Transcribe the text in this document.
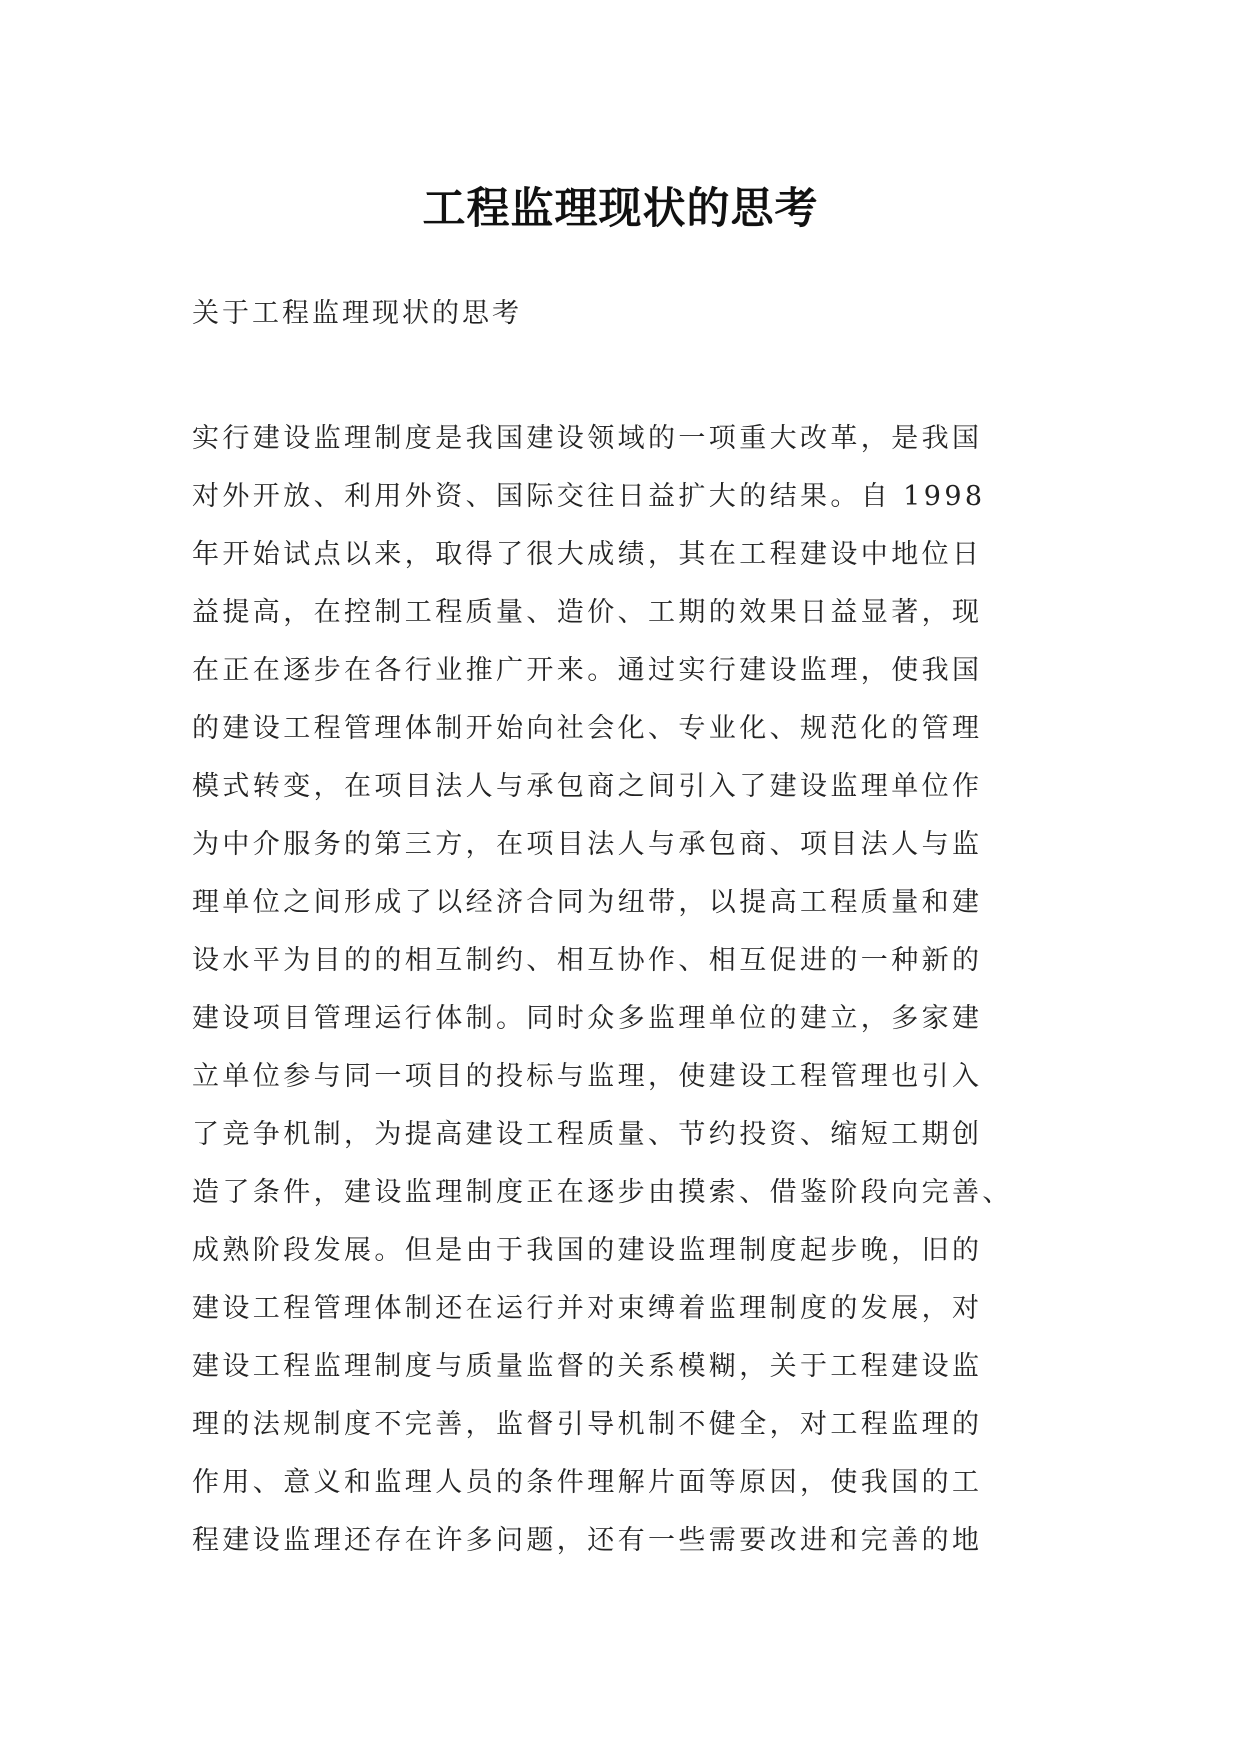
工程监理现状的思考
关于工程监理现状的思考
实行建设监理制度是我国建设领域的一项重大改革，是我国
对外开放、利用外资、国际交往日益扩大的结果。自 1998
年开始试点以来，取得了很大成绩，其在工程建设中地位日
益提高，在控制工程质量、造价、工期的效果日益显著，现
在正在逐步在各行业推广开来。通过实行建设监理，使我国
的建设工程管理体制开始向社会化、专业化、规范化的管理
模式转变，在项目法人与承包商之间引入了建设监理单位作
为中介服务的第三方，在项目法人与承包商、项目法人与监
理单位之间形成了以经济合同为纽带，以提高工程质量和建
设水平为目的的相互制约、相互协作、相互促进的一种新的
建设项目管理运行体制。同时众多监理单位的建立，多家建
立单位参与同一项目的投标与监理，使建设工程管理也引入
了竞争机制，为提高建设工程质量、节约投资、缩短工期创
造了条件，建设监理制度正在逐步由摸索、借鉴阶段向完善、
成熟阶段发展。但是由于我国的建设监理制度起步晚，旧的
建设工程管理体制还在运行并对束缚着监理制度的发展，对
建设工程监理制度与质量监督的关系模糊，关于工程建设监
理的法规制度不完善，监督引导机制不健全，对工程监理的
作用、意义和监理人员的条件理解片面等原因，使我国的工
程建设监理还存在许多问题，还有一些需要改进和完善的地
